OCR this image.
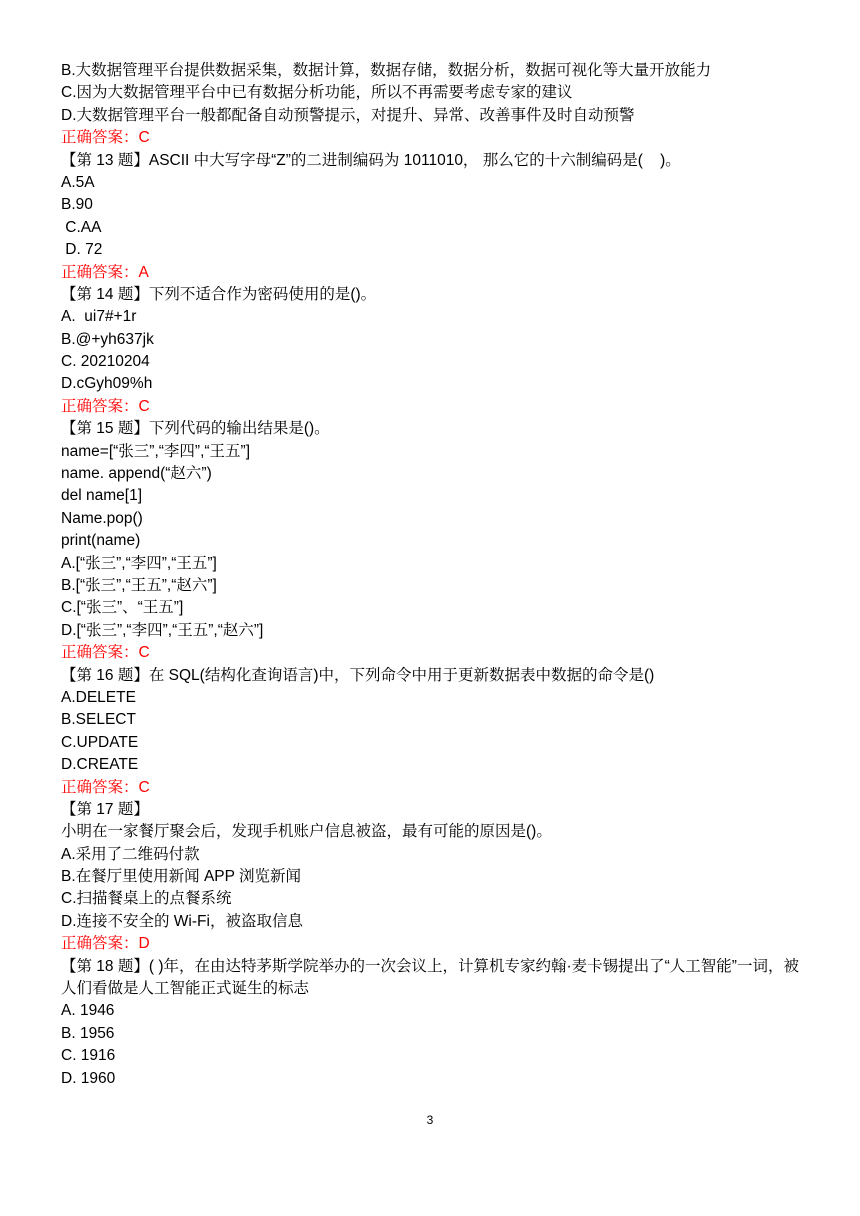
B.大数据管理平台提供数据采集，数据计算，数据存储，数据分析，数据可视化等大量开放能力
C.因为大数据管理平台中已有数据分析功能，所以不再需要考虑专家的建议
D.大数据管理平台一般都配备自动预警提示，对提升、异常、改善事件及时自动预警
正确答案：C
【第 13 题】ASCII 中大写字母“Z”的二进制编码为 1011010， 那么它的十六制编码是(    )。
A.5A
B.90
C.AA
D. 72
正确答案：A
【第 14 题】下列不适合作为密码使用的是()。
A.  ui7#+1r
B.@+yh637jk
C. 20210204
D.cGyh09%h
正确答案：C
【第 15 题】下列代码的输出结果是()。
name=[“张三”,“李四”,“王五”]
name. append(“赵六”)
del name[1]
Name.pop()
print(name)
A.[“张三”,“李四”,“王五”]
B.[“张三”,“王五”,“赵六”]
C.[“张三”、“王五”]
D.[“张三”,“李四”,“王五”,“赵六”]
正确答案：C
【第 16 题】在 SQL(结构化查询语言)中，下列命令中用于更新数据表中数据的命令是()
A.DELETE
B.SELECT
C.UPDATE
D.CREATE
正确答案：C
【第 17 题】
小明在一家餐厅聚会后，发现手机账户信息被盗，最有可能的原因是()。
A.采用了二维码付款
B.在餐厅里使用新闻 APP 浏览新闻
C.扫描餐桌上的点餐系统
D.连接不安全的 Wi-Fi，被盗取信息
正确答案：D
【第 18 题】( )年，在由达特茅斯学院举办的一次会议上，计算机专家约翰·麦卡锡提出了“人工智能”一词，被人们看做是人工智能正式诞生的标志
A. 1946
B. 1956
C. 1916
D. 1960
3
